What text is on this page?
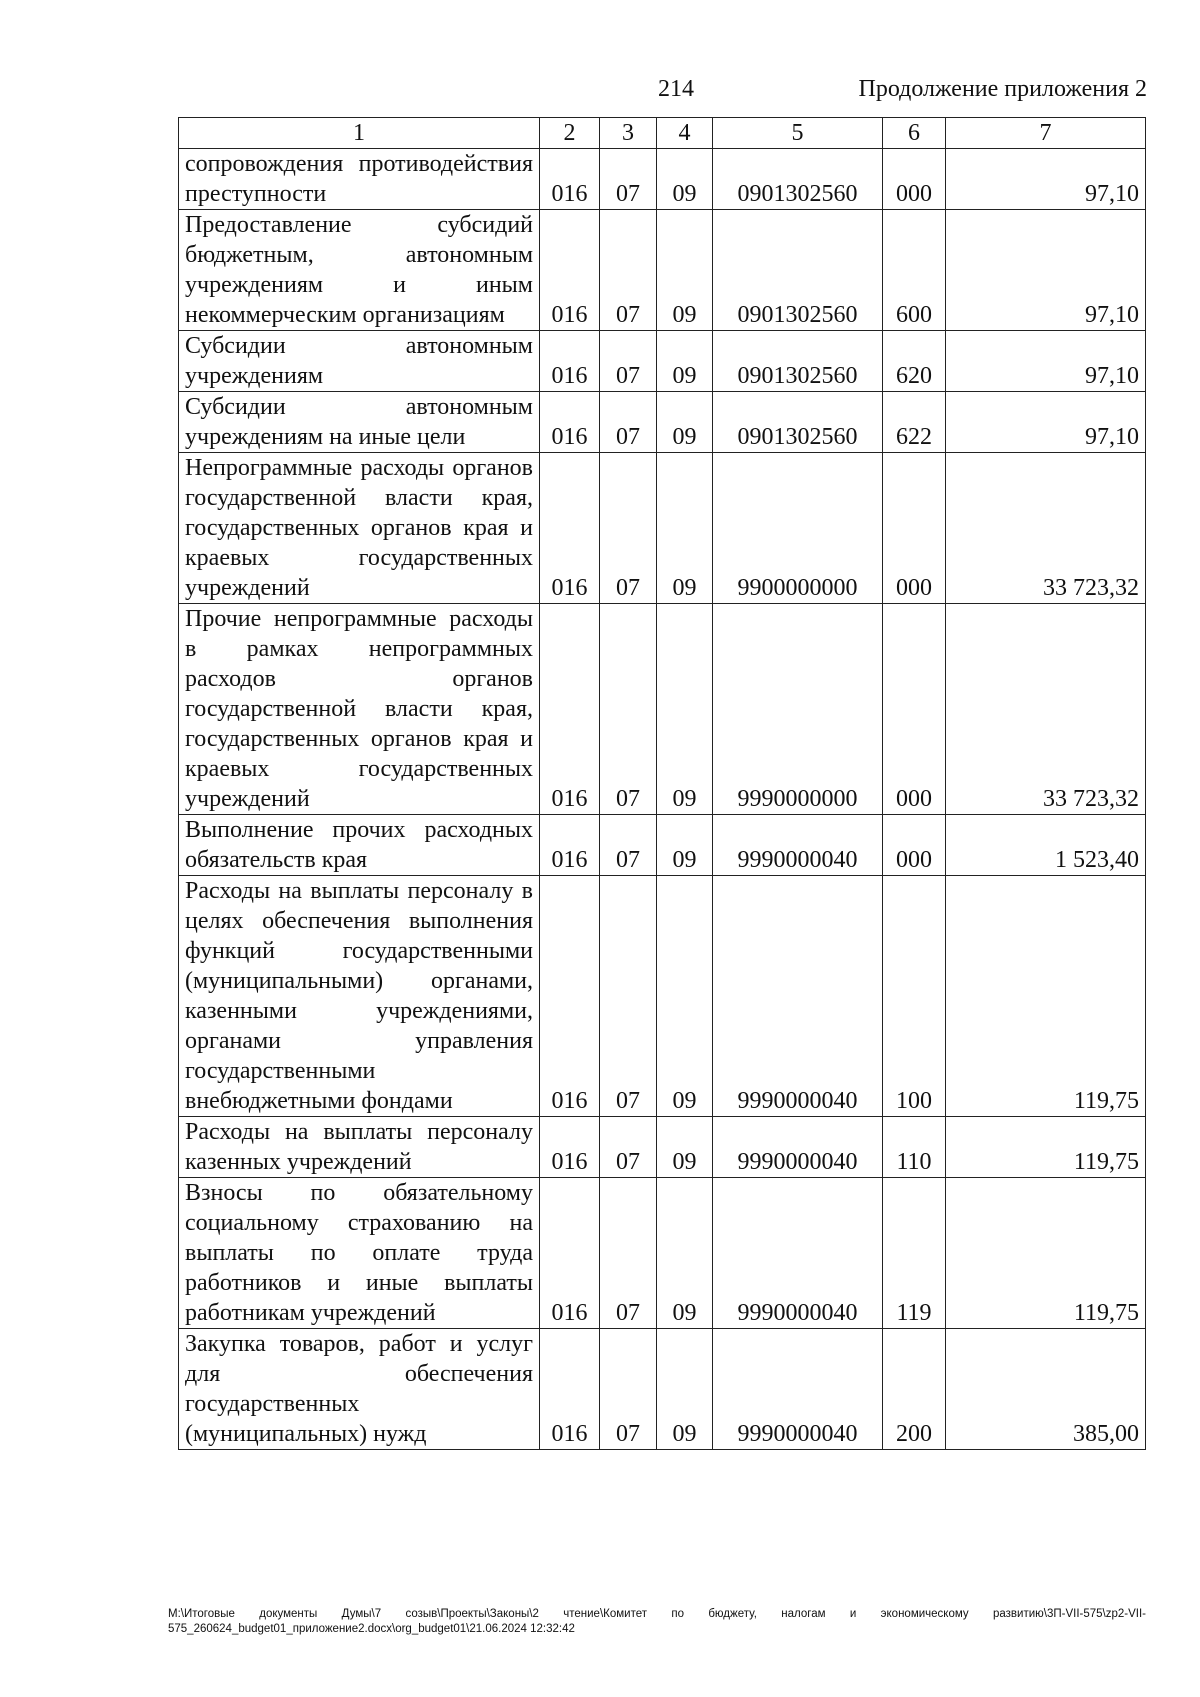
214	Продолжение приложения 2
1	2	3	4	5	6	7
сопровождения противодействия преступности	016	07	09	0901302560	000	97,10
Предоставление субсидий бюджетным, автономным учреждениям и иным некоммерческим организациям	016	07	09	0901302560	600	97,10
Субсидии автономным учреждениям	016	07	09	0901302560	620	97,10
Субсидии автономным учреждениям на иные цели	016	07	09	0901302560	622	97,10
Непрограммные расходы органов государственной власти края, государственных органов края и краевых государственных учреждений	016	07	09	9900000000	000	33 723,32
Прочие непрограммные расходы в рамках непрограммных расходов органов государственной власти края, государственных органов края и краевых государственных учреждений	016	07	09	9990000000	000	33 723,32
Выполнение прочих расходных обязательств края	016	07	09	9990000040	000	1 523,40
Расходы на выплаты персоналу в целях обеспечения выполнения функций государственными (муниципальными) органами, казенными учреждениями, органами управления государственными внебюджетными фондами	016	07	09	9990000040	100	119,75
Расходы на выплаты персоналу казенных учреждений	016	07	09	9990000040	110	119,75
Взносы по обязательному социальному страхованию на выплаты по оплате труда работников и иные выплаты работникам учреждений	016	07	09	9990000040	119	119,75
Закупка товаров, работ и услуг для обеспечения государственных (муниципальных) нужд	016	07	09	9990000040	200	385,00
M:\Итоговые документы Думы\7 созыв\Проекты\Законы\2 чтение\Комитет по бюджету, налогам и экономическому развитию\3П-VII-575\zp2-VII-575_260624_budget01_приложение2.docx\org_budget01\21.06.2024 12:32:42
